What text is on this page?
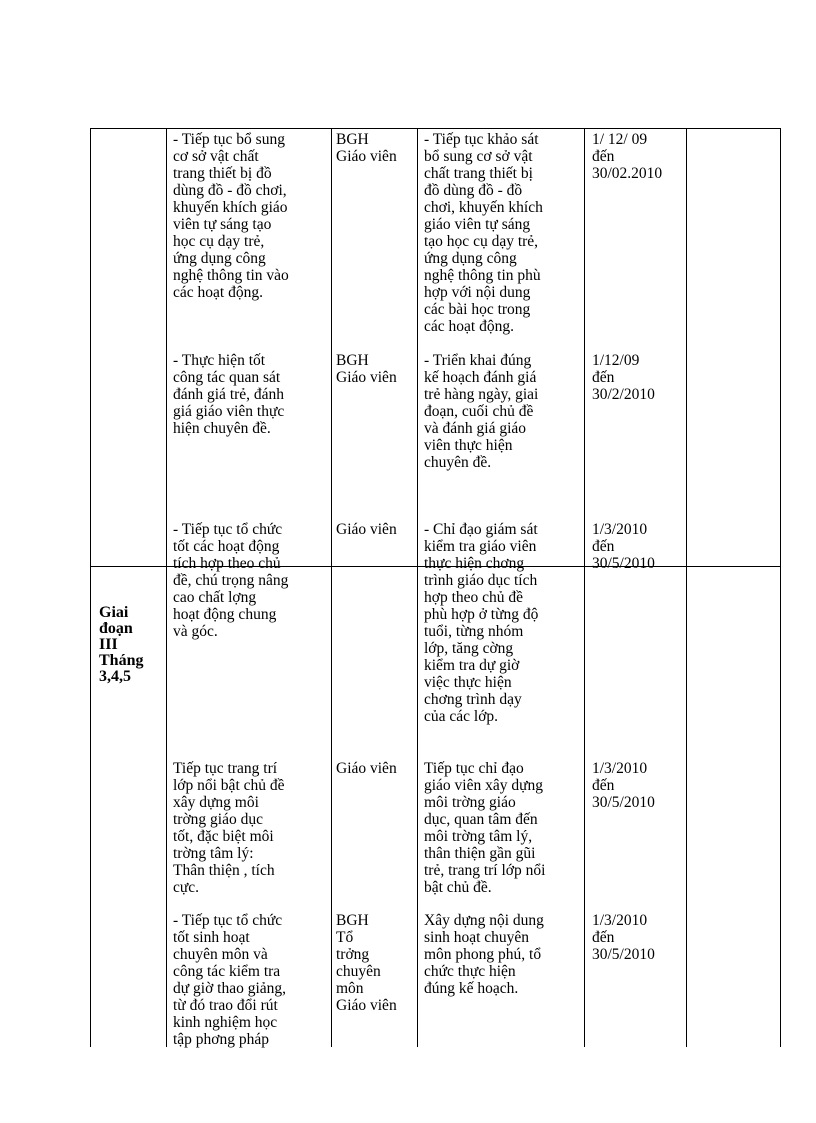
Giai
đoạn
III
Tháng
3,4,5
- Tiếp tục bổ sung
cơ sở vật chất
trang thiết bị đồ
dùng đồ - đồ chơi,
khuyến khích giáo
viên tự sáng tạo
học cụ dạy trẻ,
ứng dụng công
nghệ thông tin vào
các hoạt động.
BGH
Giáo viên
- Tiếp tục khảo sát
bổ sung cơ sở vật
chất trang thiết bị
đồ dùng đồ - đồ
chơi, khuyến khích
giáo viên tự sáng
tạo học cụ dạy trẻ,
ứng dụng công
nghệ thông tin phù
hợp với nội dung
các bài học trong
các hoạt động.
1/ 12/ 09
đến
30/02.2010
- Thực hiện tốt
công tác quan sát
đánh giá trẻ, đánh
giá giáo viên thực
hiện chuyên đề.
BGH
Giáo viên
- Triển khai đúng
kế hoạch đánh giá
trẻ hàng ngày, giai
đoạn, cuối chủ đề
và đánh giá giáo
viên thực hiện
chuyên đề.
1/12/09
đến
30/2/2010
- Tiếp tục tổ chức
tốt các hoạt động
tích hợp theo chủ
đề, chú trọng nâng
cao chất lợng
hoạt động chung
và góc.
Giáo viên	- Chỉ đạo giám sát
kiểm tra giáo viên
thực hiện chơng
trình giáo dục tích
hợp theo chủ đề
phù hợp ở từng độ
tuổi, từng nhóm
lớp, tăng cờng
kiểm tra dự giờ
việc thực hiện
chơng trình dạy
của các lớp.
1/3/2010
đến
30/5/2010
Tiếp tục trang trí
lớp nổi bật chủ đề
xây dựng môi
trờng giáo dục
tốt, đặc biệt môi
trờng tâm lý:
Thân thiện , tích
cực.
Giáo viên	Tiếp tục chỉ đạo
giáo viên xây dựng
môi trờng giáo
dục, quan tâm đến
môi trờng tâm lý,
thân thiện gần gũi
trẻ, trang trí lớp nổi
bật chủ đề.
1/3/2010
đến
30/5/2010
- Tiếp tục tổ chức
tốt sinh hoạt
chuyên môn và
công tác kiểm tra
dự giờ thao giảng,
từ đó trao đổi rút
kinh nghiệm học
tập phơng pháp
BGH
Tổ
trởng
chuyên
môn
Giáo viên
Xây dựng nội dung
sinh hoạt chuyên
môn phong phú, tổ
chức thực hiện
đúng kế hoạch.
1/3/2010
đến
30/5/2010
